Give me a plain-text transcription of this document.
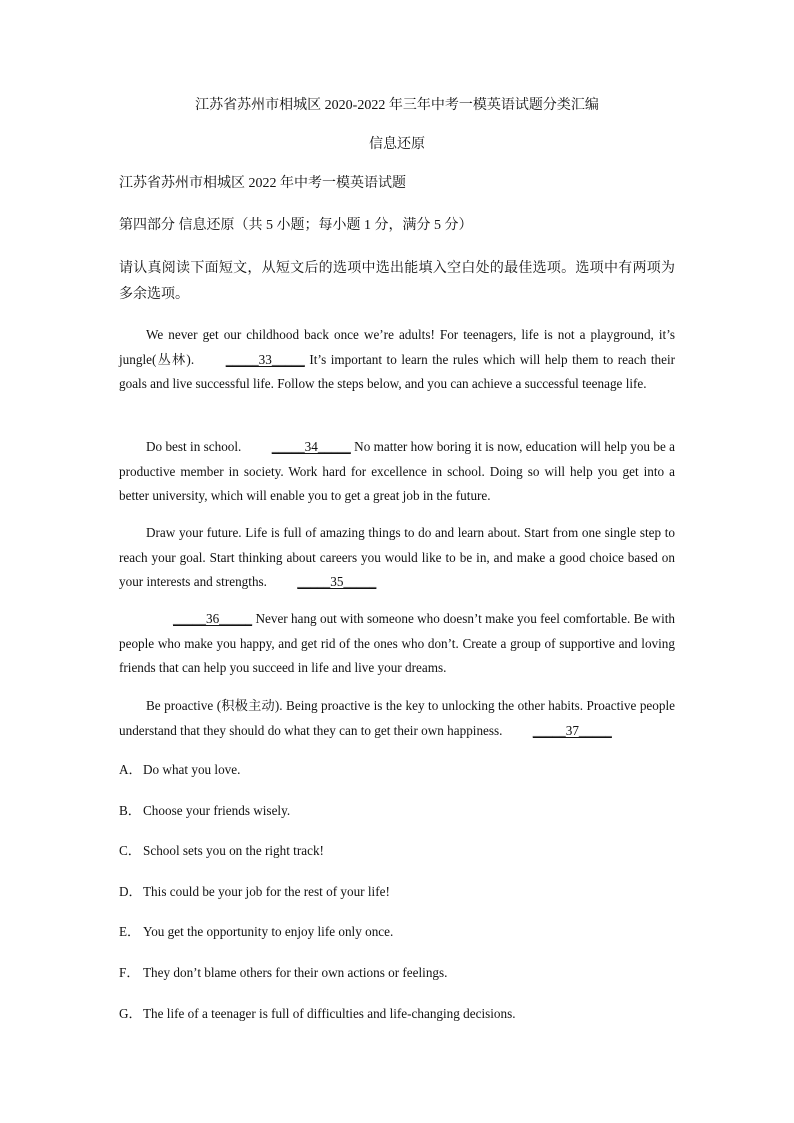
江苏省苏州市相城区 2020-2022 年三年中考一模英语试题分类汇编
信息还原
江苏省苏州市相城区 2022 年中考一模英语试题
第四部分 信息还原（共 5 小题；每小题 1 分，满分 5 分）
请认真阅读下面短文，从短文后的选项中选出能填入空白处的最佳选项。选项中有两项为多余选项。
We never get our childhood back once we’re adults! For teenagers, life is not a playground, it’s jungle(丛林). _____33_____ It’s important to learn the rules which will help them to reach their goals and live successful life. Follow the steps below, and you can achieve a successful teenage life.
Do best in school. _____34_____ No matter how boring it is now, education will help you be a productive member in society. Work hard for excellence in school. Doing so will help you get into a better university, which will enable you to get a great job in the future.
Draw your future. Life is full of amazing things to do and learn about. Start from one single step to reach your goal. Start thinking about careers you would like to be in, and make a good choice based on your interests and strengths. _____35_____
_____36_____ Never hang out with someone who doesn’t make you feel comfortable. Be with people who make you happy, and get rid of the ones who don’t. Create a group of supportive and loving friends that can help you succeed in life and live your dreams.
Be proactive (积极主动). Being proactive is the key to unlocking the other habits. Proactive people understand that they should do what they can to get their own happiness. _____37_____
A．Do what you love.
B． Choose your friends wisely.
C． School sets you on the right track!
D．This could be your job for the rest of your life!
E． You get the opportunity to enjoy life only once.
F． They don’t blame others for their own actions or feelings.
G．The life of a teenager is full of difficulties and life-changing decisions.
